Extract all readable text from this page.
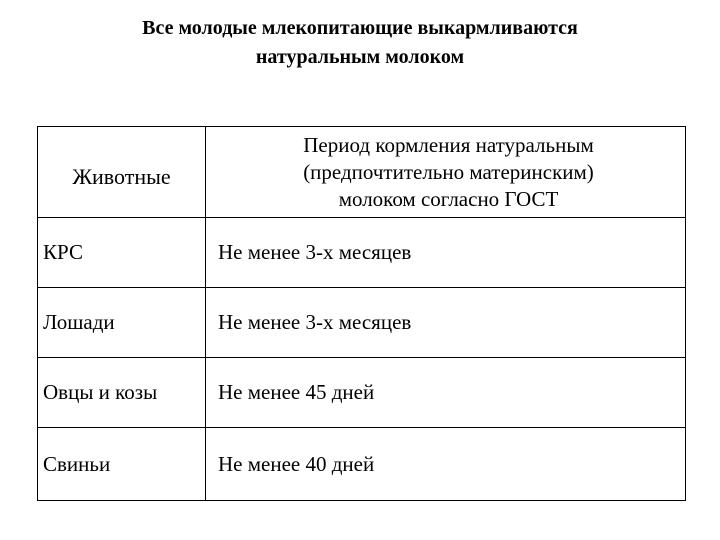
Все молодые млекопитающие выкармливаются
натуральным молоком
Животные	Период кормления натуральным
(предпочтительно материнским)
молоком согласно ГОСТ

КРС	Не менее 3-х месяцев
Лошади	Не менее 3-х месяцев
Овцы и козы	Не менее 45 дней
Свиньи	Не менее 40 дней
